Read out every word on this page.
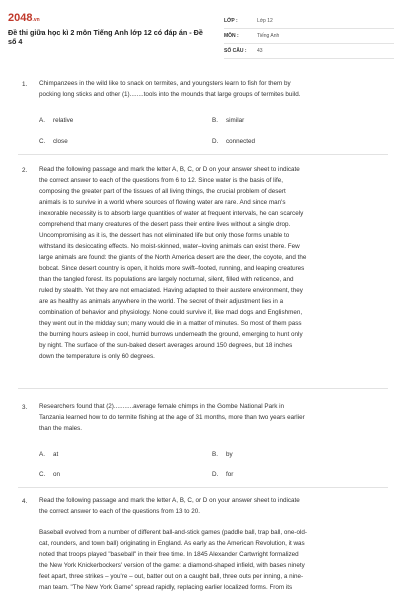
2048.vn
Đề thi giữa học kì 2 môn Tiếng Anh lớp 12 có đáp án - Đề số 4
LỚP :	Lớp 12
MÔN :	Tiếng Anh
SỐ CÂU :	43
1. Chimpanzees in the wild like to snack on termites, and youngsters learn to fish for them by
pocking long sticks and other (1)........tools into the mounds that large groups of termites build.
A. relative	B. similar
C. close	D. connected
2. Read the following passage and mark the letter A, B, C, or D on your answer sheet to indicate
the correct answer to each of the questions from 6 to 12. Since water is the basis of life,
composing the greater part of the tissues of all living things, the crucial problem of desert
animals is to survive in a world where sources of flowing water are rare. And since man's
inexorable necessity is to absorb large quantities of water at frequent intervals, he can scarcely
comprehend that many creatures of the desert pass their entire lives without a single drop.
Uncompromising as it is, the dessert has not eliminated life but only those forms unable to
withstand its desiccating effects. No moist-skinned, water–loving animals can exist there. Few
large animals are found: the giants of the North America desert are the deer, the coyote, and the
bobcat. Since desert country is open, it holds more swift–footed, running, and leaping creatures
than the tangled forest. Its populations are largely nocturnal, silent, filled with reticence, and
ruled by stealth. Yet they are not emaciated. Having adapted to their austere environment, they
are as healthy as animals anywhere in the world. The secret of their adjustment lies in a
combination of behavior and physiology. None could survive if, like mad dogs and Englishmen,
they went out in the midday sun; many would die in a matter of minutes. So most of them pass
the burning hours asleep in cool, humid burrows underneath the ground, emerging to hunt only
by night. The surface of the sun-baked desert averages around 150 degrees, but 18 inches
down the temperature is only 60 degrees.
3. Researchers found that (2)...........average female chimps in the Gombe National Park in
Tanzania learned how to do termite fishing at the age of 31 months, more than two years earlier
than the males.
A. at	B. by
C. on	D. for
4. Read the following passage and mark the letter A, B, C, or D on your answer sheet to indicate
the correct answer to each of the questions from 13 to 20.
Baseball evolved from a number of different ball-and-stick games (paddle ball, trap ball, one-old-
cat, rounders, and town ball) originating in England. As early as the American Revolution, it was
noted that troops played "baseball" in their free time. In 1845 Alexander Cartwright formalized
the New York Knickerbockers' version of the game: a diamond-shaped infield, with bases ninety
feet apart, three strikes – you're – out, batter out on a caught ball, three outs per inning, a nine-
man team. "The New York Game" spread rapidly, replacing earlier localized forms. From its
